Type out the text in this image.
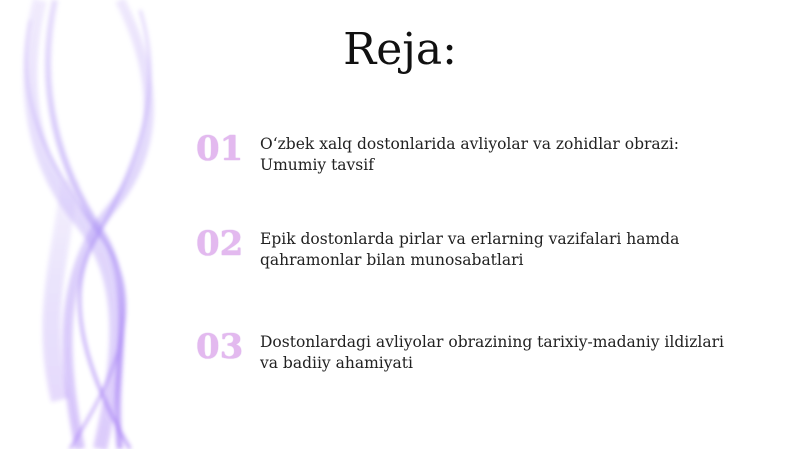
Reja:
01	O‘zbek xalq dostonlarida avliyolar va zohidlar obrazi: Umumiy tavsif
02	Epik dostonlarda pirlar va erlarning vazifalari hamda qahramonlar bilan munosabatlari
03	Dostonlardagi avliyolar obrazining tarixiy-madaniy ildizlari va badiiy ahamiyati
